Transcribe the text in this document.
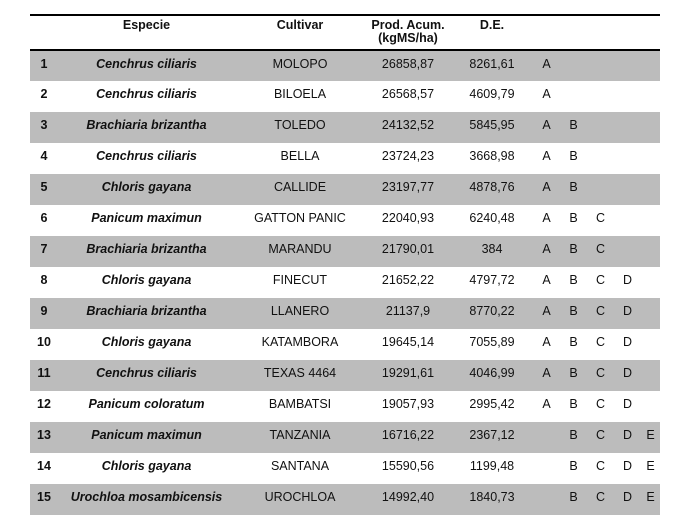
	Especie	Cultivar	Prod. Acum.
(kgMS/ha)	D.E.					
1	Cenchrus ciliaris	MOLOPO	26858,87	8261,61	A				
2	Cenchrus ciliaris	BILOELA	26568,57	4609,79	A				
3	Brachiaria brizantha	TOLEDO	24132,52	5845,95	A	B			
4	Cenchrus ciliaris	BELLA	23724,23	3668,98	A	B			
5	Chloris gayana	CALLIDE	23197,77	4878,76	A	B			
6	Panicum maximun	GATTON PANIC	22040,93	6240,48	A	B	C		
7	Brachiaria brizantha	MARANDU	21790,01	384	A	B	C		
8	Chloris gayana	FINECUT	21652,22	4797,72	A	B	C	D	
9	Brachiaria brizantha	LLANERO	21137,9	8770,22	A	B	C	D	
10	Chloris gayana	KATAMBORA	19645,14	7055,89	A	B	C	D	
11	Cenchrus ciliaris	TEXAS 4464	19291,61	4046,99	A	B	C	D	
12	Panicum coloratum	BAMBATSI	19057,93	2995,42	A	B	C	D	
13	Panicum maximun	TANZANIA	16716,22	2367,12		B	C	D	E
14	Chloris gayana	SANTANA	15590,56	1199,48		B	C	D	E
15	Urochloa mosambicensis	UROCHLOA	14992,40	1840,73		B	C	D	E
